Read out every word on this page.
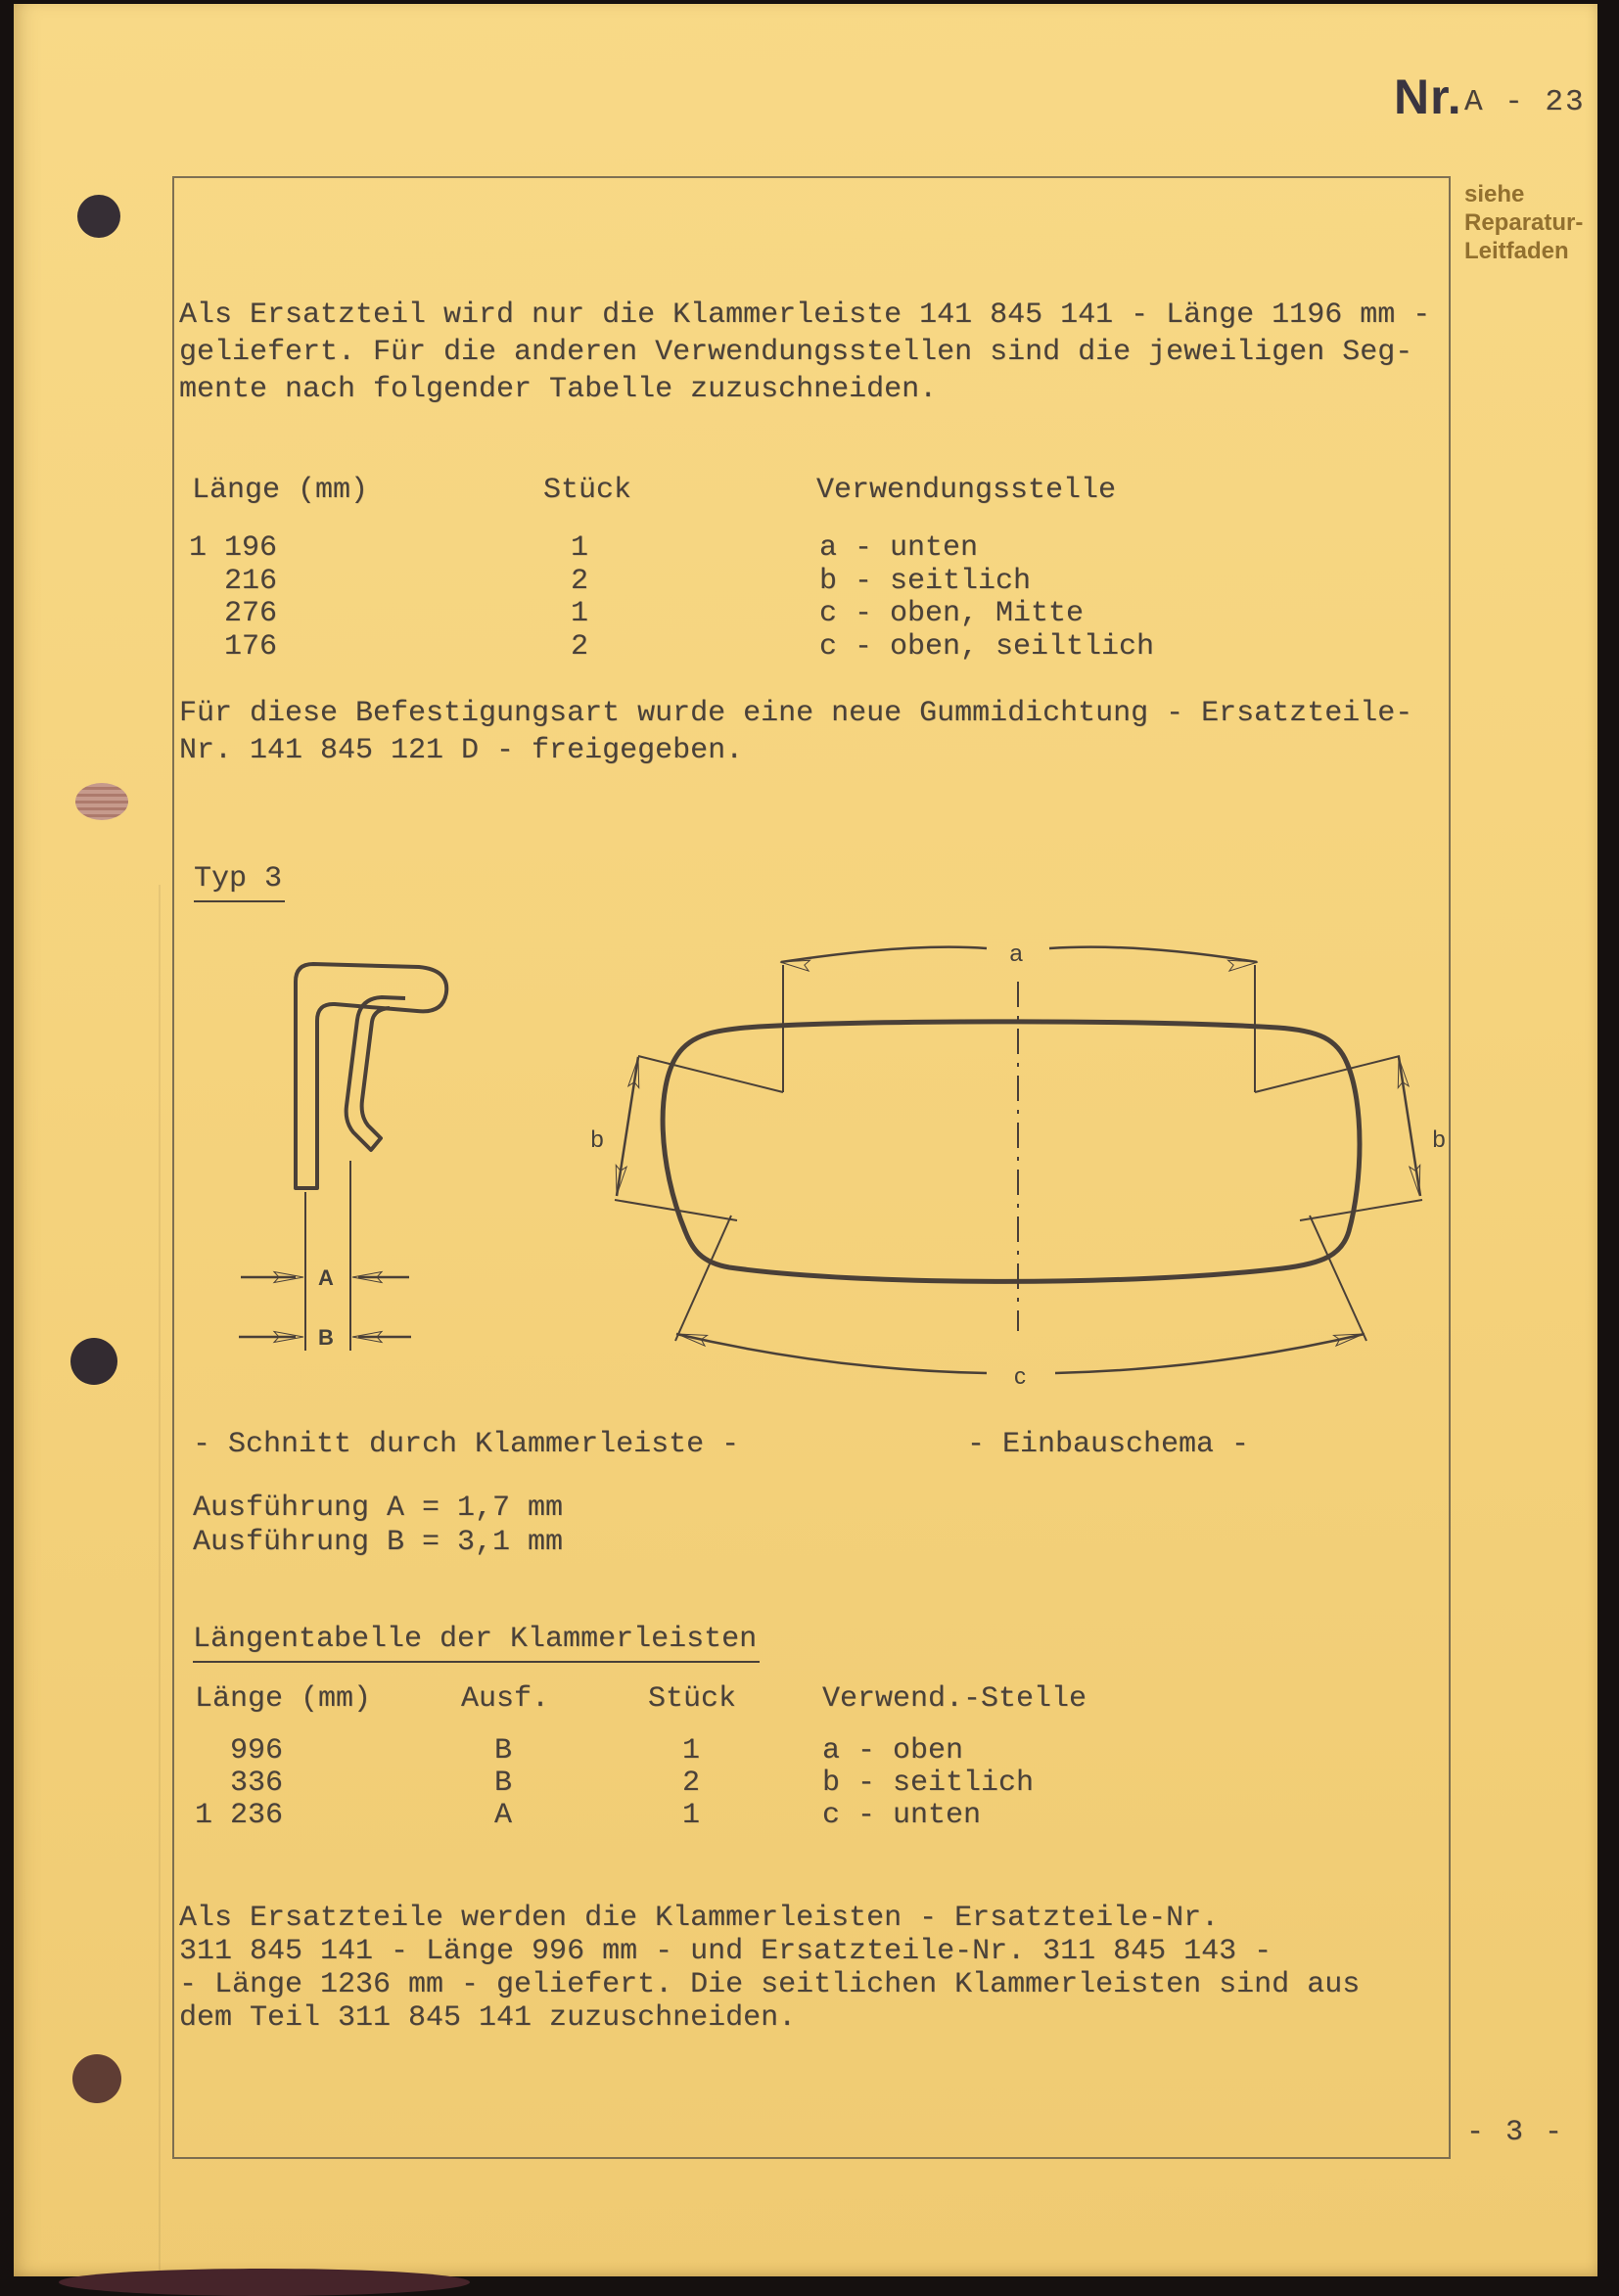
Nr. A - 23
siehe
Reparatur-
Leitfaden
Als Ersatzteil wird nur die Klammerleiste 141 845 141 - Länge 1196 mm -
geliefert. Für die anderen Verwendungsstellen sind die jeweiligen Seg-
mente nach folgender Tabelle zuzuschneiden.
Länge (mm)	Stück	Verwendungsstelle
1 196	1	a - unten
216	2	b - seitlich
276	1	c - oben, Mitte
176	2	c - oben, seiltlich
Für diese Befestigungsart wurde eine neue Gummidichtung - Ersatzteile-
Nr. 141 845 121 D - freigegeben.
Typ 3
A
B
a
b	b
c
- Schnitt durch Klammerleiste -	- Einbauschema -
Ausführung A = 1,7 mm
Ausführung B = 3,1 mm
Längentabelle der Klammerleisten
Länge (mm)	Ausf.	Stück	Verwend.-Stelle
996	B	1	a - oben
336	B	2	b - seitlich
1 236	A	1	c - unten
Als Ersatzteile werden die Klammerleisten - Ersatzteile-Nr.
311 845 141 - Länge 996 mm - und Ersatzteile-Nr. 311 845 143 -
- Länge 1236 mm - geliefert. Die seitlichen Klammerleisten sind aus
dem Teil 311 845 141 zuzuschneiden.
- 3 -
